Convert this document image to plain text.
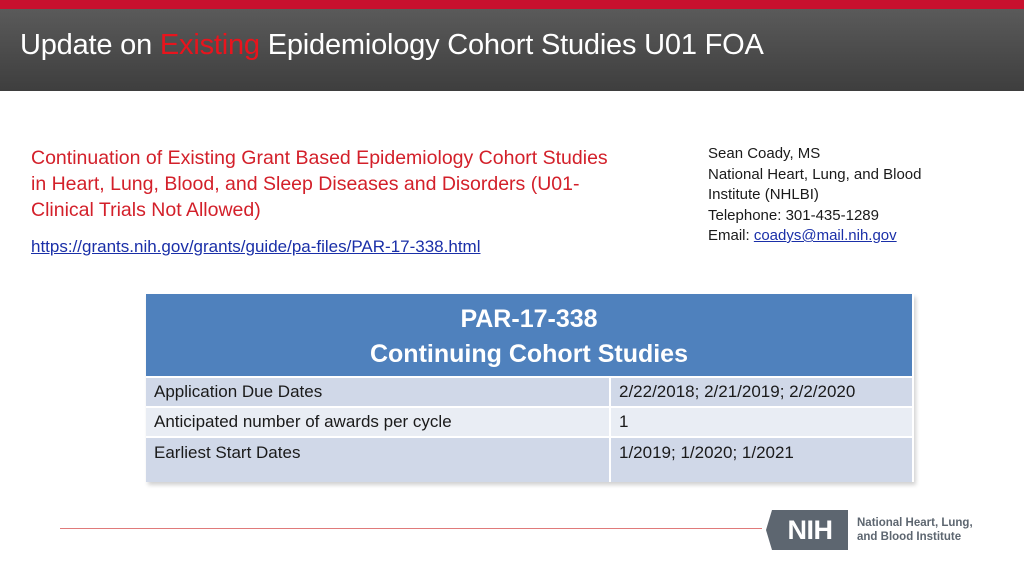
Update on Existing Epidemiology Cohort Studies U01 FOA
Continuation of Existing Grant Based Epidemiology Cohort Studies in Heart, Lung, Blood, and Sleep Diseases and Disorders (U01-Clinical Trials Not Allowed)
https://grants.nih.gov/grants/guide/pa-files/PAR-17-338.html
Sean Coady, MS
National Heart, Lung, and Blood
Institute (NHLBI)
Telephone: 301-435-1289
Email: coadys@mail.nih.gov
PAR-17-338
Continuing Cohort Studies	

Application Due Dates	2/22/2018; 2/21/2019; 2/2/2020
Anticipated number of awards per cycle	1
Earliest Start Dates	1/2019; 1/2020; 1/2021
NIH	National Heart, Lung,
and Blood Institute
